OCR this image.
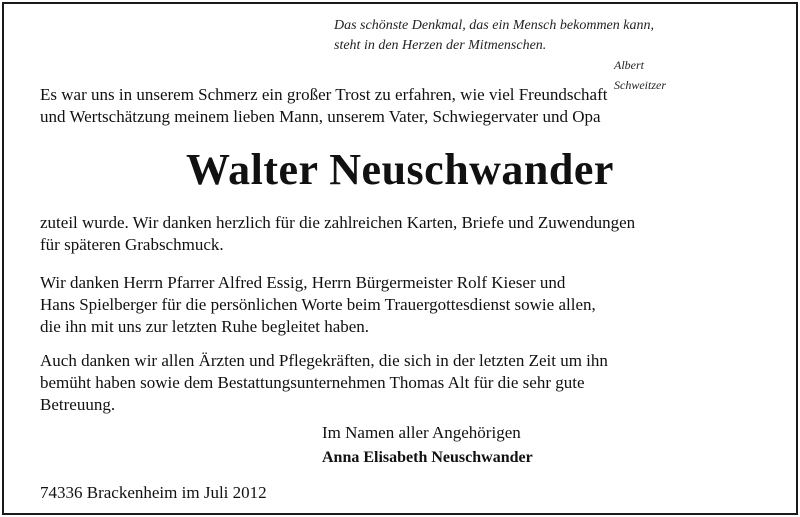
Das schönste Denkmal, das ein Mensch bekommen kann,
steht in den Herzen der Mitmenschen.
Albert Schweitzer
Es war uns in unserem Schmerz ein großer Trost zu erfahren, wie viel Freundschaft
und Wertschätzung meinem lieben Mann, unserem Vater, Schwiegervater und Opa
Walter Neuschwander
zuteil wurde. Wir danken herzlich für die zahlreichen Karten, Briefe und Zuwendungen
für späteren Grabschmuck.
Wir danken Herrn Pfarrer Alfred Essig, Herrn Bürgermeister Rolf Kieser und
Hans Spielberger für die persönlichen Worte beim Trauergottesdienst sowie allen,
die ihn mit uns zur letzten Ruhe begleitet haben.
Auch danken wir allen Ärzten und Pflegekräften, die sich in der letzten Zeit um ihn
bemüht haben sowie dem Bestattungsunternehmen Thomas Alt für die sehr gute
Betreuung.
Im Namen aller Angehörigen
Anna Elisabeth Neuschwander
74336 Brackenheim im Juli 2012
